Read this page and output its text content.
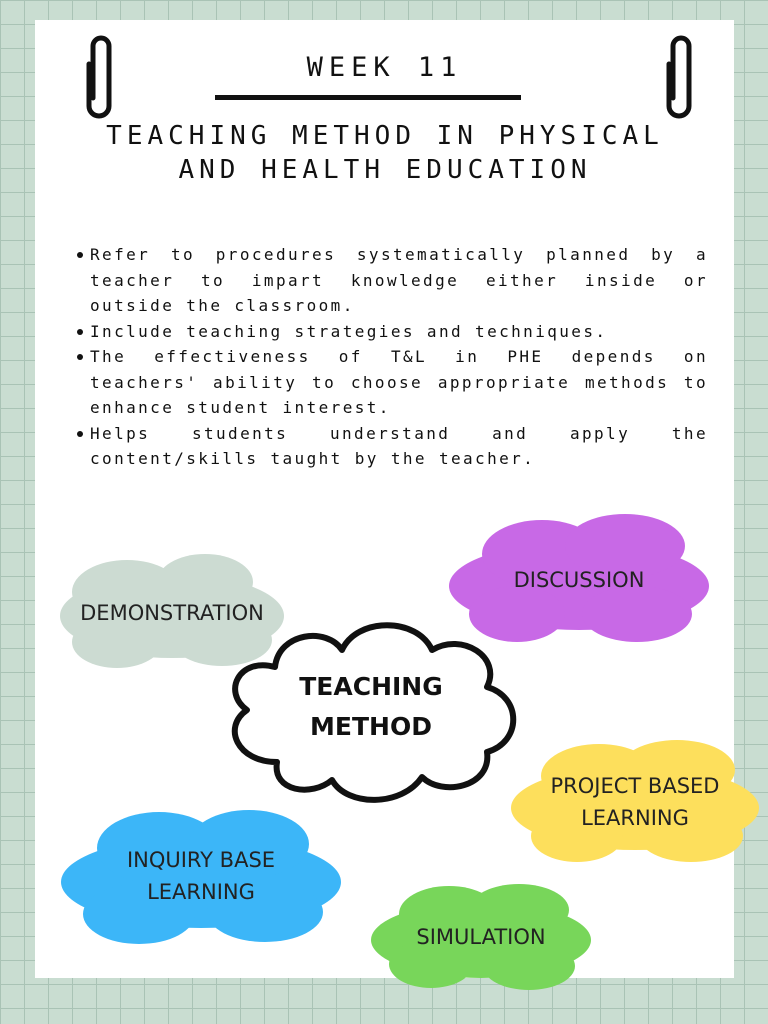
WEEK 11
TEACHING METHOD IN PHYSICAL AND HEALTH EDUCATION
Refer to procedures systematically planned by a teacher to impart knowledge either inside or outside the classroom.
Include teaching strategies and techniques.
The effectiveness of T&L in PHE depends on teachers' ability to choose appropriate methods to enhance student interest.
Helps students understand and apply the content/skills taught by the teacher.
DEMONSTRATION
DISCUSSION
TEACHING
METHOD
PROJECT BASED
LEARNING
INQUIRY BASE
LEARNING
SIMULATION
